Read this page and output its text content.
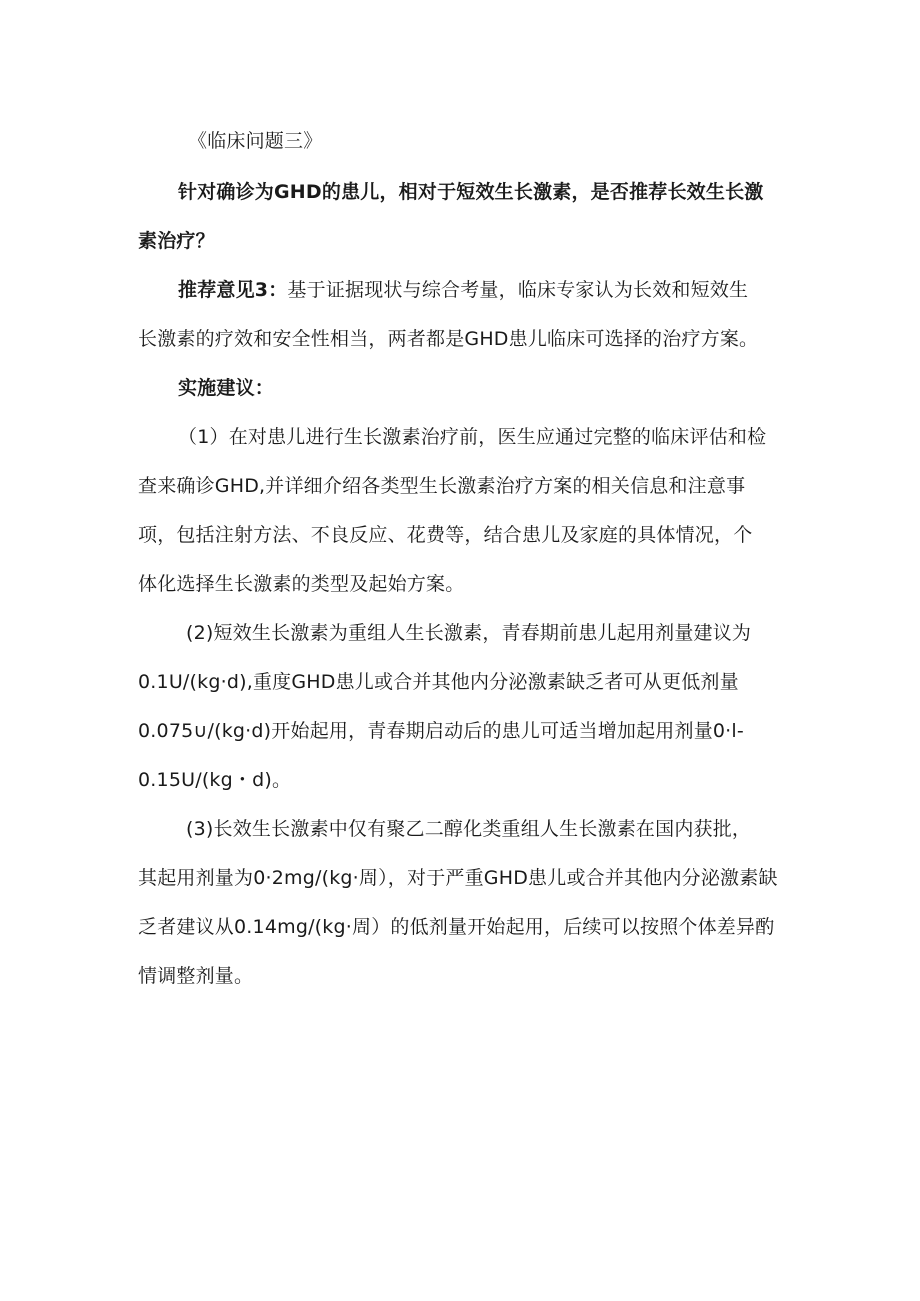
《临床问题三》
针对确诊为GHD的患儿，相对于短效生长激素，是否推荐长效生长激
素治疗？
推荐意见3：基于证据现状与综合考量，临床专家认为长效和短效生
长激素的疗效和安全性相当，两者都是GHD患儿临床可选择的治疗方案。
实施建议：
（1）在对患儿进行生长激素治疗前，医生应通过完整的临床评估和检
查来确诊GHD,并详细介绍各类型生长激素治疗方案的相关信息和注意事
项，包括注射方法、不良反应、花费等，结合患儿及家庭的具体情况，个
体化选择生长激素的类型及起始方案。
(2)短效生长激素为重组人生长激素，青春期前患儿起用剂量建议为
0.1U∕(kg·d),重度GHD患儿或合并其他内分泌激素缺乏者可从更低剂量
0.075∪∕(kg·d)开始起用，青春期启动后的患儿可适当增加起用剂量0·l-
0.15U/(kg・d)。
(3)长效生长激素中仅有聚乙二醇化类重组人生长激素在国内获批，
其起用剂量为0·2mg∕(kg·周），对于严重GHD患儿或合并其他内分泌激素缺
乏者建议从0.14mg∕(kg·周）的低剂量开始起用，后续可以按照个体差异酌
情调整剂量。
